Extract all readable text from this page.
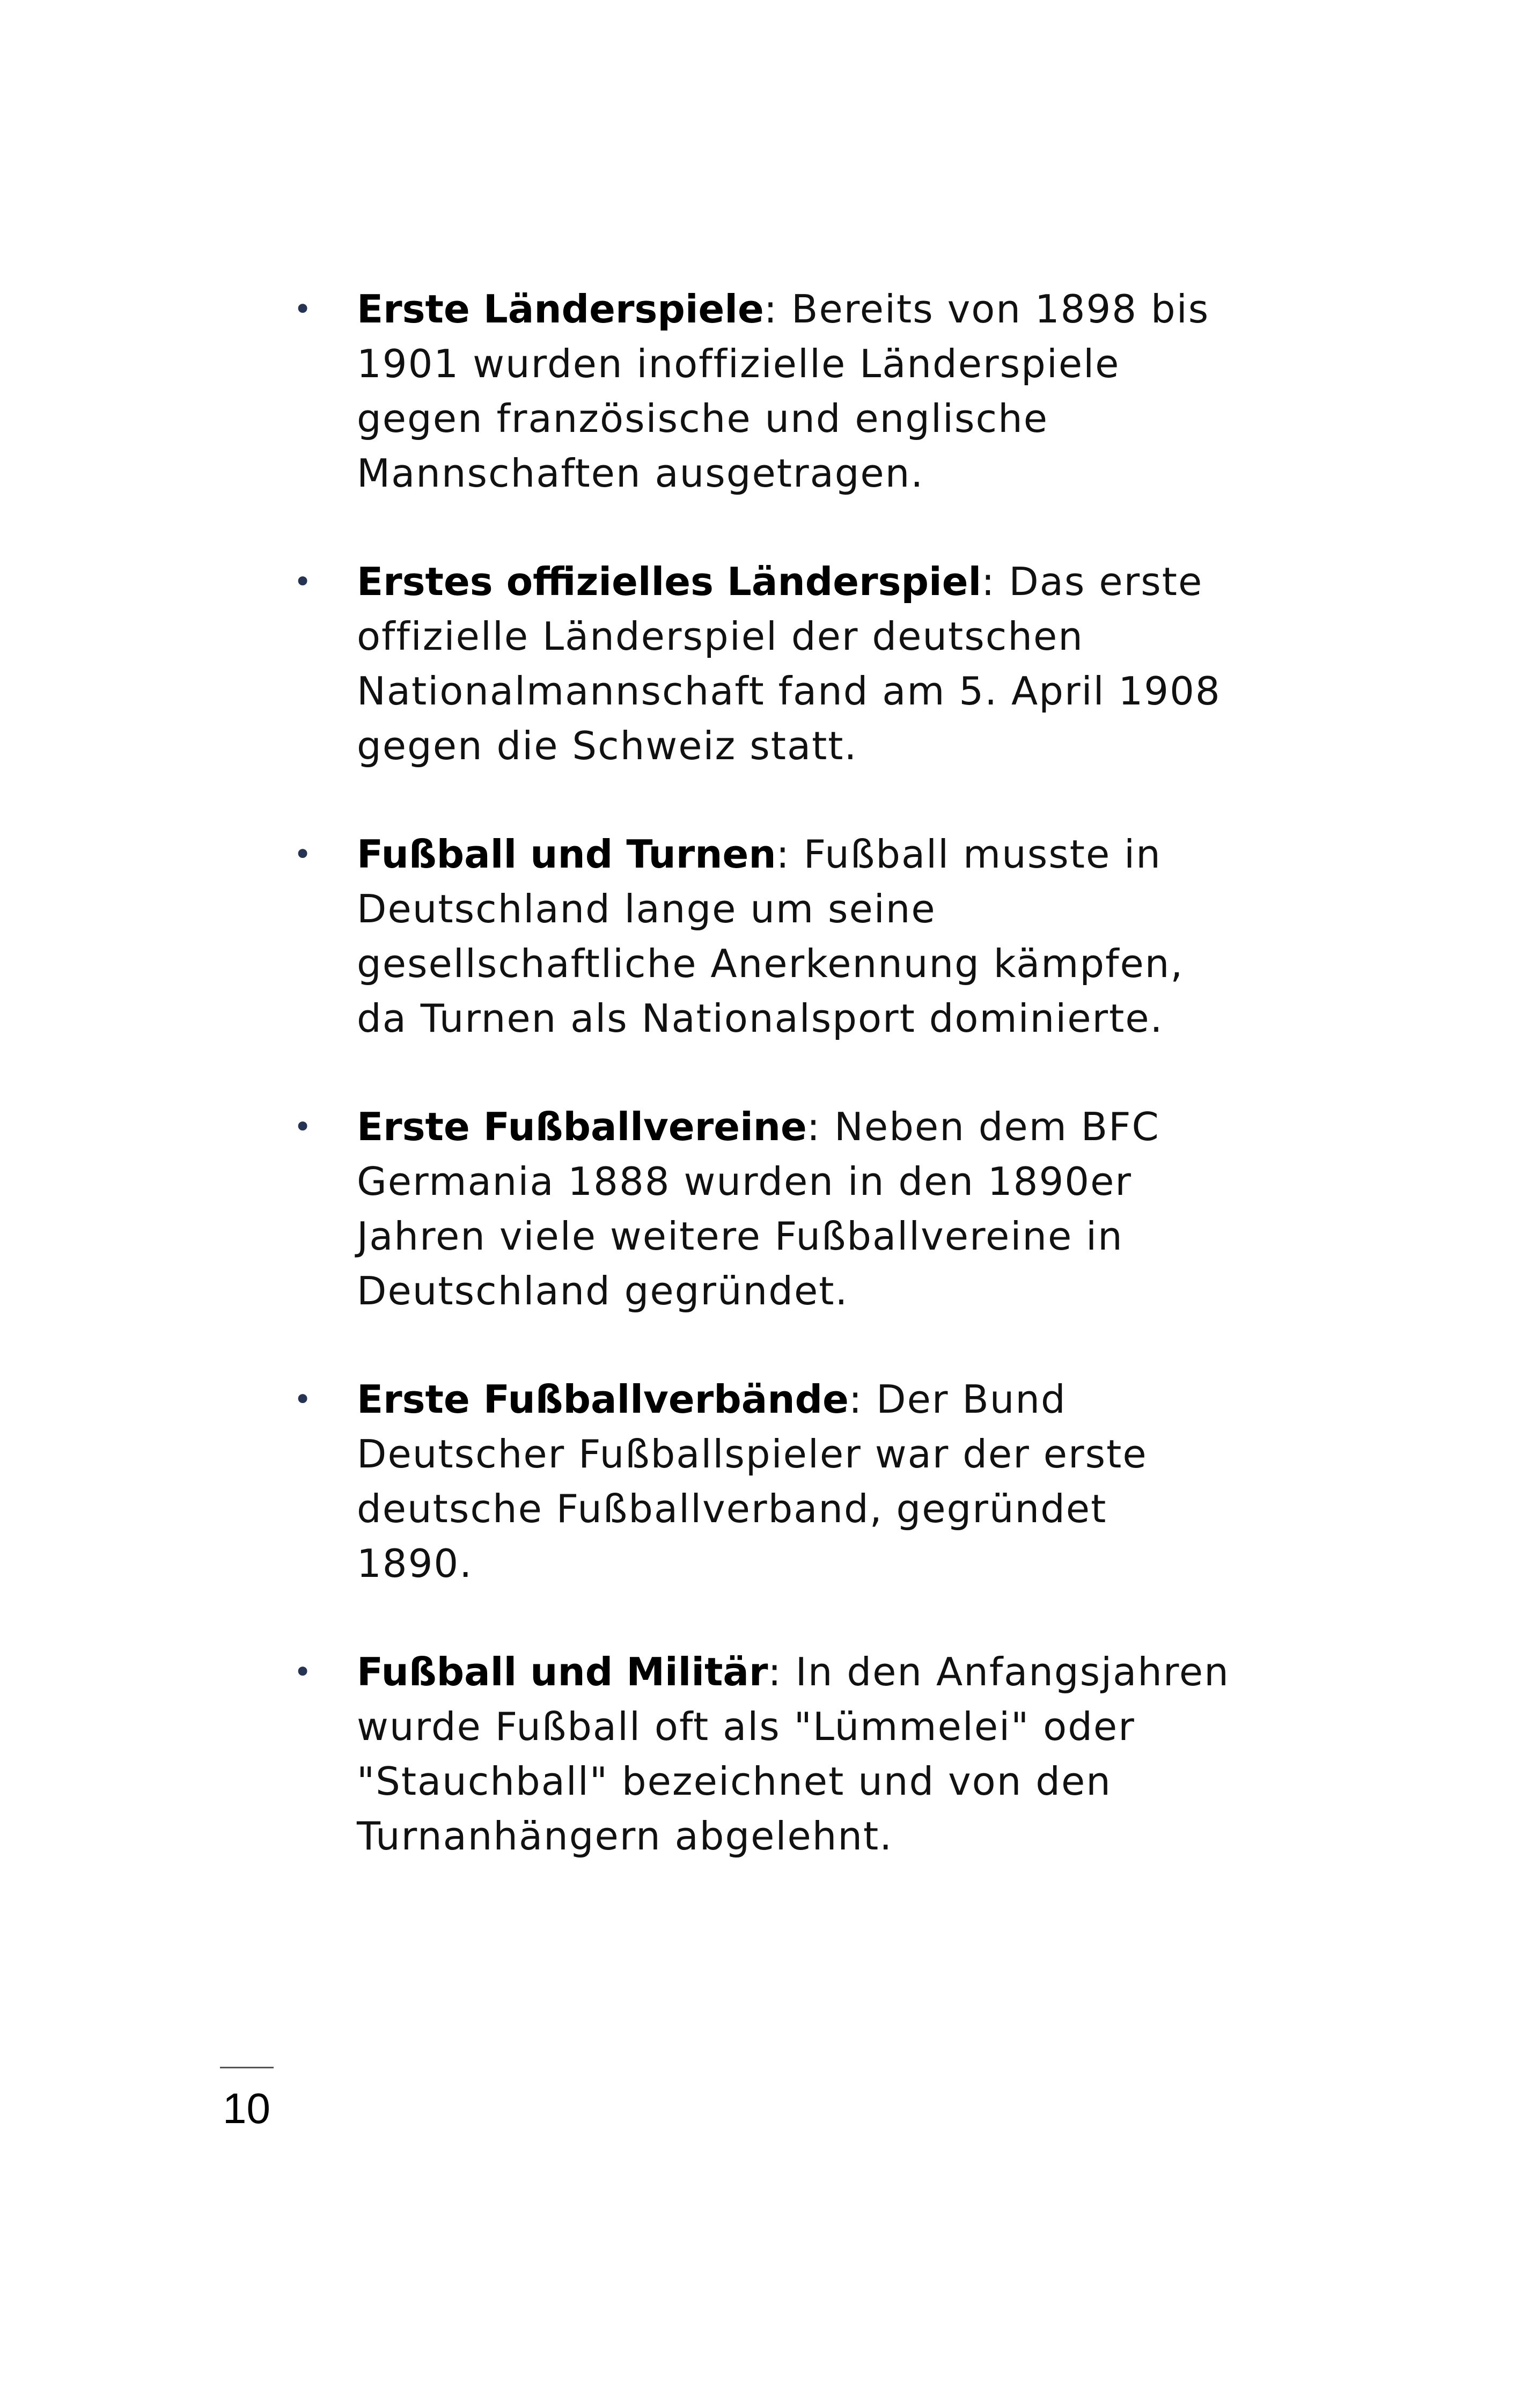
• Erste Länderspiele: Bereits von 1898 bis 1901 wurden inoffizielle Länderspiele gegen französische und englische Mannschaften ausgetragen.
• Erstes offizielles Länderspiel: Das erste offizielle Länderspiel der deutschen Nationalmannschaft fand am 5. April 1908 gegen die Schweiz statt.
• Fußball und Turnen: Fußball musste in Deutschland lange um seine gesellschaftliche Anerkennung kämpfen, da Turnen als Nationalsport dominierte.
• Erste Fußballvereine: Neben dem BFC Germania 1888 wurden in den 1890er Jahren viele weitere Fußballvereine in Deutschland gegründet.
• Erste Fußballverbände: Der Bund Deutscher Fußballspieler war der erste deutsche Fußballverband, gegründet 1890.
• Fußball und Militär: In den Anfangsjahren wurde Fußball oft als "Lümmelei" oder "Stauchball" bezeichnet und von den Turnanhängern abgelehnt.
10
